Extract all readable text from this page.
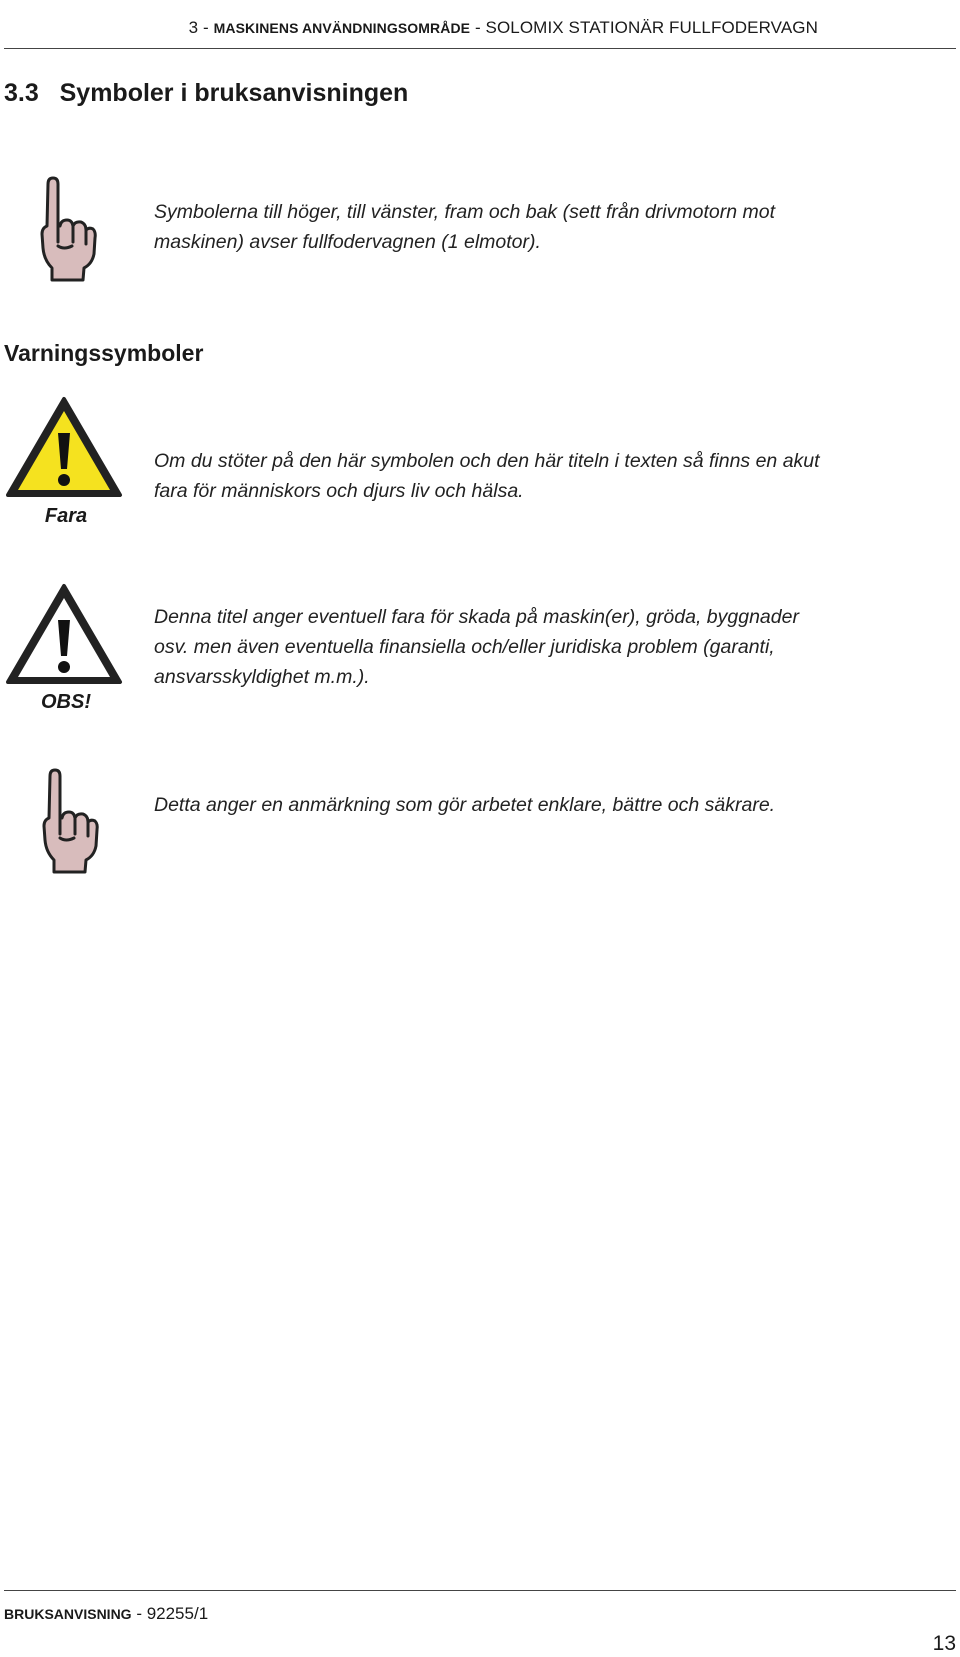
3 - MASKINENS ANVÄNDNINGSOMRÅDE - SOLOMIX STATIONÄR FULLFODERVAGN
3.3 Symboler i bruksanvisningen
Symbolerna till höger, till vänster, fram och bak (sett från drivmotorn mot
maskinen) avser fullfodervagnen (1 elmotor).
Varningssymboler
Fara
Om du stöter på den här symbolen och den här titeln i texten så finns en akut
fara för människors och djurs liv och hälsa.
OBS!
Denna titel anger eventuell fara för skada på maskin(er), gröda, byggnader
osv. men även eventuella finansiella och/eller juridiska problem (garanti,
ansvarsskyldighet m.m.).
Detta anger en anmärkning som gör arbetet enklare, bättre och säkrare.
BRUKSANVISNING - 92255/1
13
